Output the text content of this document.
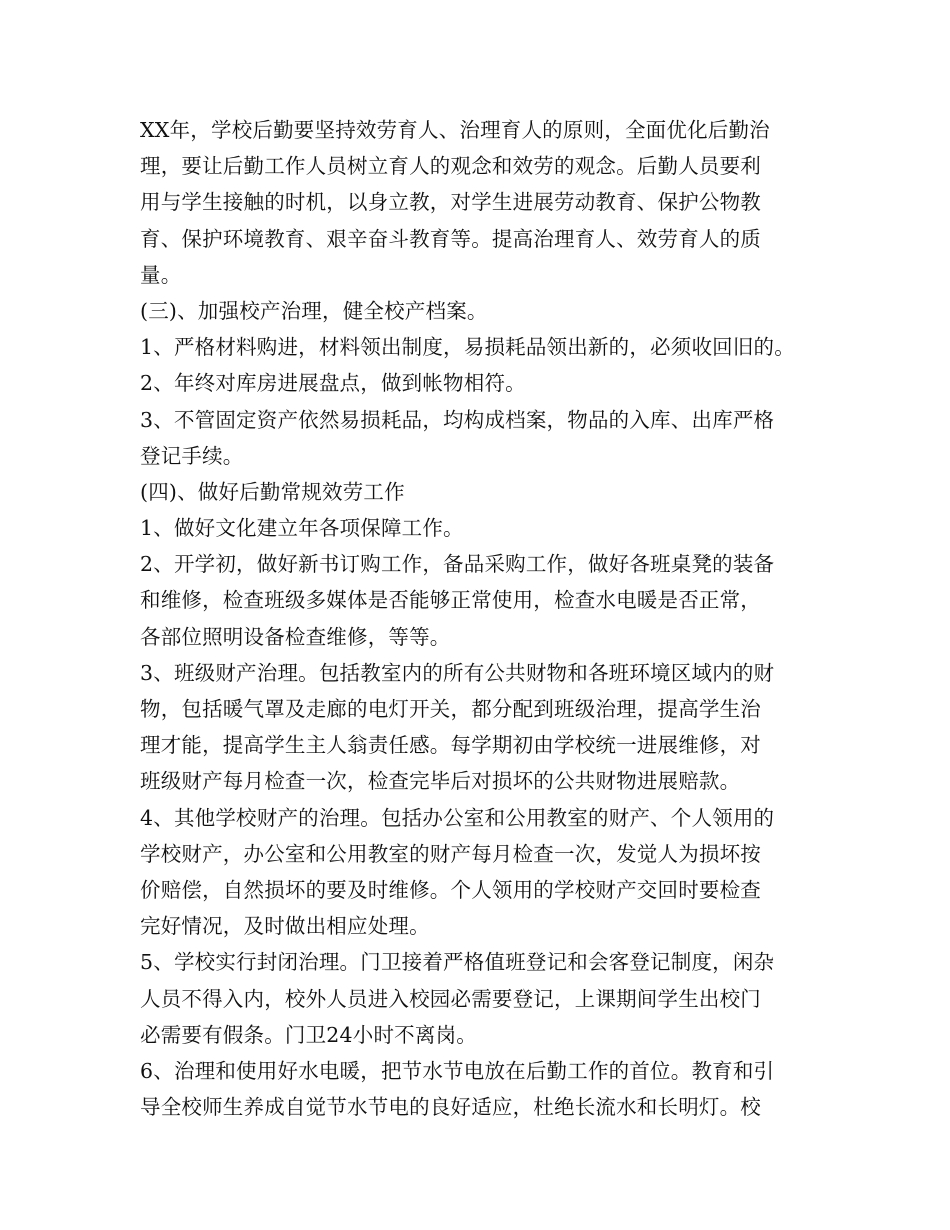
XX年，学校后勤要坚持效劳育人、治理育人的原则，全面优化后勤治
理，要让后勤工作人员树立育人的观念和效劳的观念。后勤人员要利
用与学生接触的时机，以身立教，对学生进展劳动教育、保护公物教
育、保护环境教育、艰辛奋斗教育等。提高治理育人、效劳育人的质
量。
(三)、加强校产治理，健全校产档案。
1、严格材料购进，材料领出制度，易损耗品领出新的，必须收回旧的。
2、年终对库房进展盘点，做到帐物相符。
3、不管固定资产依然易损耗品，均构成档案，物品的入库、出库严格
登记手续。
(四)、做好后勤常规效劳工作
1、做好文化建立年各项保障工作。
2、开学初，做好新书订购工作，备品采购工作，做好各班桌凳的装备
和维修，检查班级多媒体是否能够正常使用，检查水电暖是否正常，
各部位照明设备检查维修，等等。
3、班级财产治理。包括教室内的所有公共财物和各班环境区域内的财
物，包括暖气罩及走廊的电灯开关，都分配到班级治理，提高学生治
理才能，提高学生主人翁责任感。每学期初由学校统一进展维修，对
班级财产每月检查一次，检查完毕后对损坏的公共财物进展赔款。
4、其他学校财产的治理。包括办公室和公用教室的财产、个人领用的
学校财产，办公室和公用教室的财产每月检查一次，发觉人为损坏按
价赔偿，自然损坏的要及时维修。个人领用的学校财产交回时要检查
完好情况，及时做出相应处理。
5、学校实行封闭治理。门卫接着严格值班登记和会客登记制度，闲杂
人员不得入内，校外人员进入校园必需要登记，上课期间学生出校门
必需要有假条。门卫24小时不离岗。
6、治理和使用好水电暖，把节水节电放在后勤工作的首位。教育和引
导全校师生养成自觉节水节电的良好适应，杜绝长流水和长明灯。校
